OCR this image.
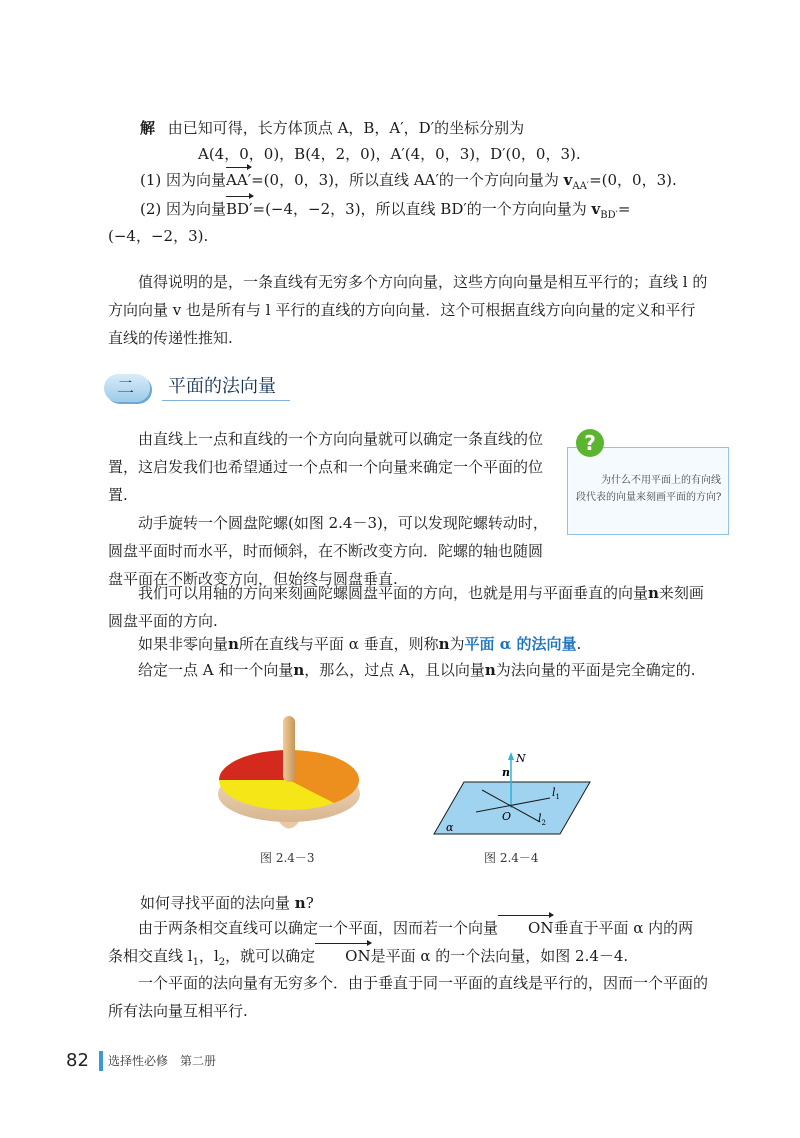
解 由已知可得，长方体顶点 A，B，A′，D′的坐标分别为
A(4，0，0)，B(4，2，0)，A′(4，0，3)，D′(0，0，3).
(1) 因为向量AA′=(0，0，3)，所以直线 AA′的一个方向向量为 $v_{AA'}=(0$，0，3).
(2) 因为向量BD′=(−4，−2，3)，所以直线 BD′的一个方向向量为 $v_{BD'}=$
(−4，−2，3).

值得说明的是，一条直线有无穷多个方向向量，这些方向向量是相互平行的；直线 l 的方向向量 v 也是所有与 l 平行的直线的方向向量．这个可根据直线方向向量的定义和平行直线的传递性推知.

二 平面的法向量

由直线上一点和直线的一个方向向量就可以确定一条直线的位置，这启发我们也希望通过一个点和一个向量来确定一个平面的位置.

动手旋转一个圆盘陀螺(如图 2.4－3)，可以发现陀螺转动时，圆盘平面时而水平，时而倾斜，在不断改变方向．陀螺的轴也随圆盘平面在不断改变方向，但始终与圆盘垂直.

?

为什么不用平面上的有向线段代表的向量来刻画平面的方向?

我们可以用轴的方向来刻画陀螺圆盘平面的方向，也就是用与平面垂直的向量n来刻画圆盘平面的方向.

如果非零向量n所在直线与平面 α 垂直，则称n为平面 α 的法向量.

给定一点 A 和一个向量n，那么，过点 A，且以向量n为法向量的平面是完全确定的.

N
n
$l_1$
$l_2$
O
α
图 2.4－3	图 2.4－4
如何寻找平面的法向量 n?

由于两条相交直线可以确定一个平面，因而若一个向量 ON垂直于平面 α 内的两条相交直线 $l_1$，$l_2$，就可以确定 ON是平面 α 的一个法向量，如图 2.4－4.

一个平面的法向量有无穷多个．由于垂直于同一平面的直线是平行的，因而一个平面的所有法向量互相平行.

82 选择性必修　第二册
